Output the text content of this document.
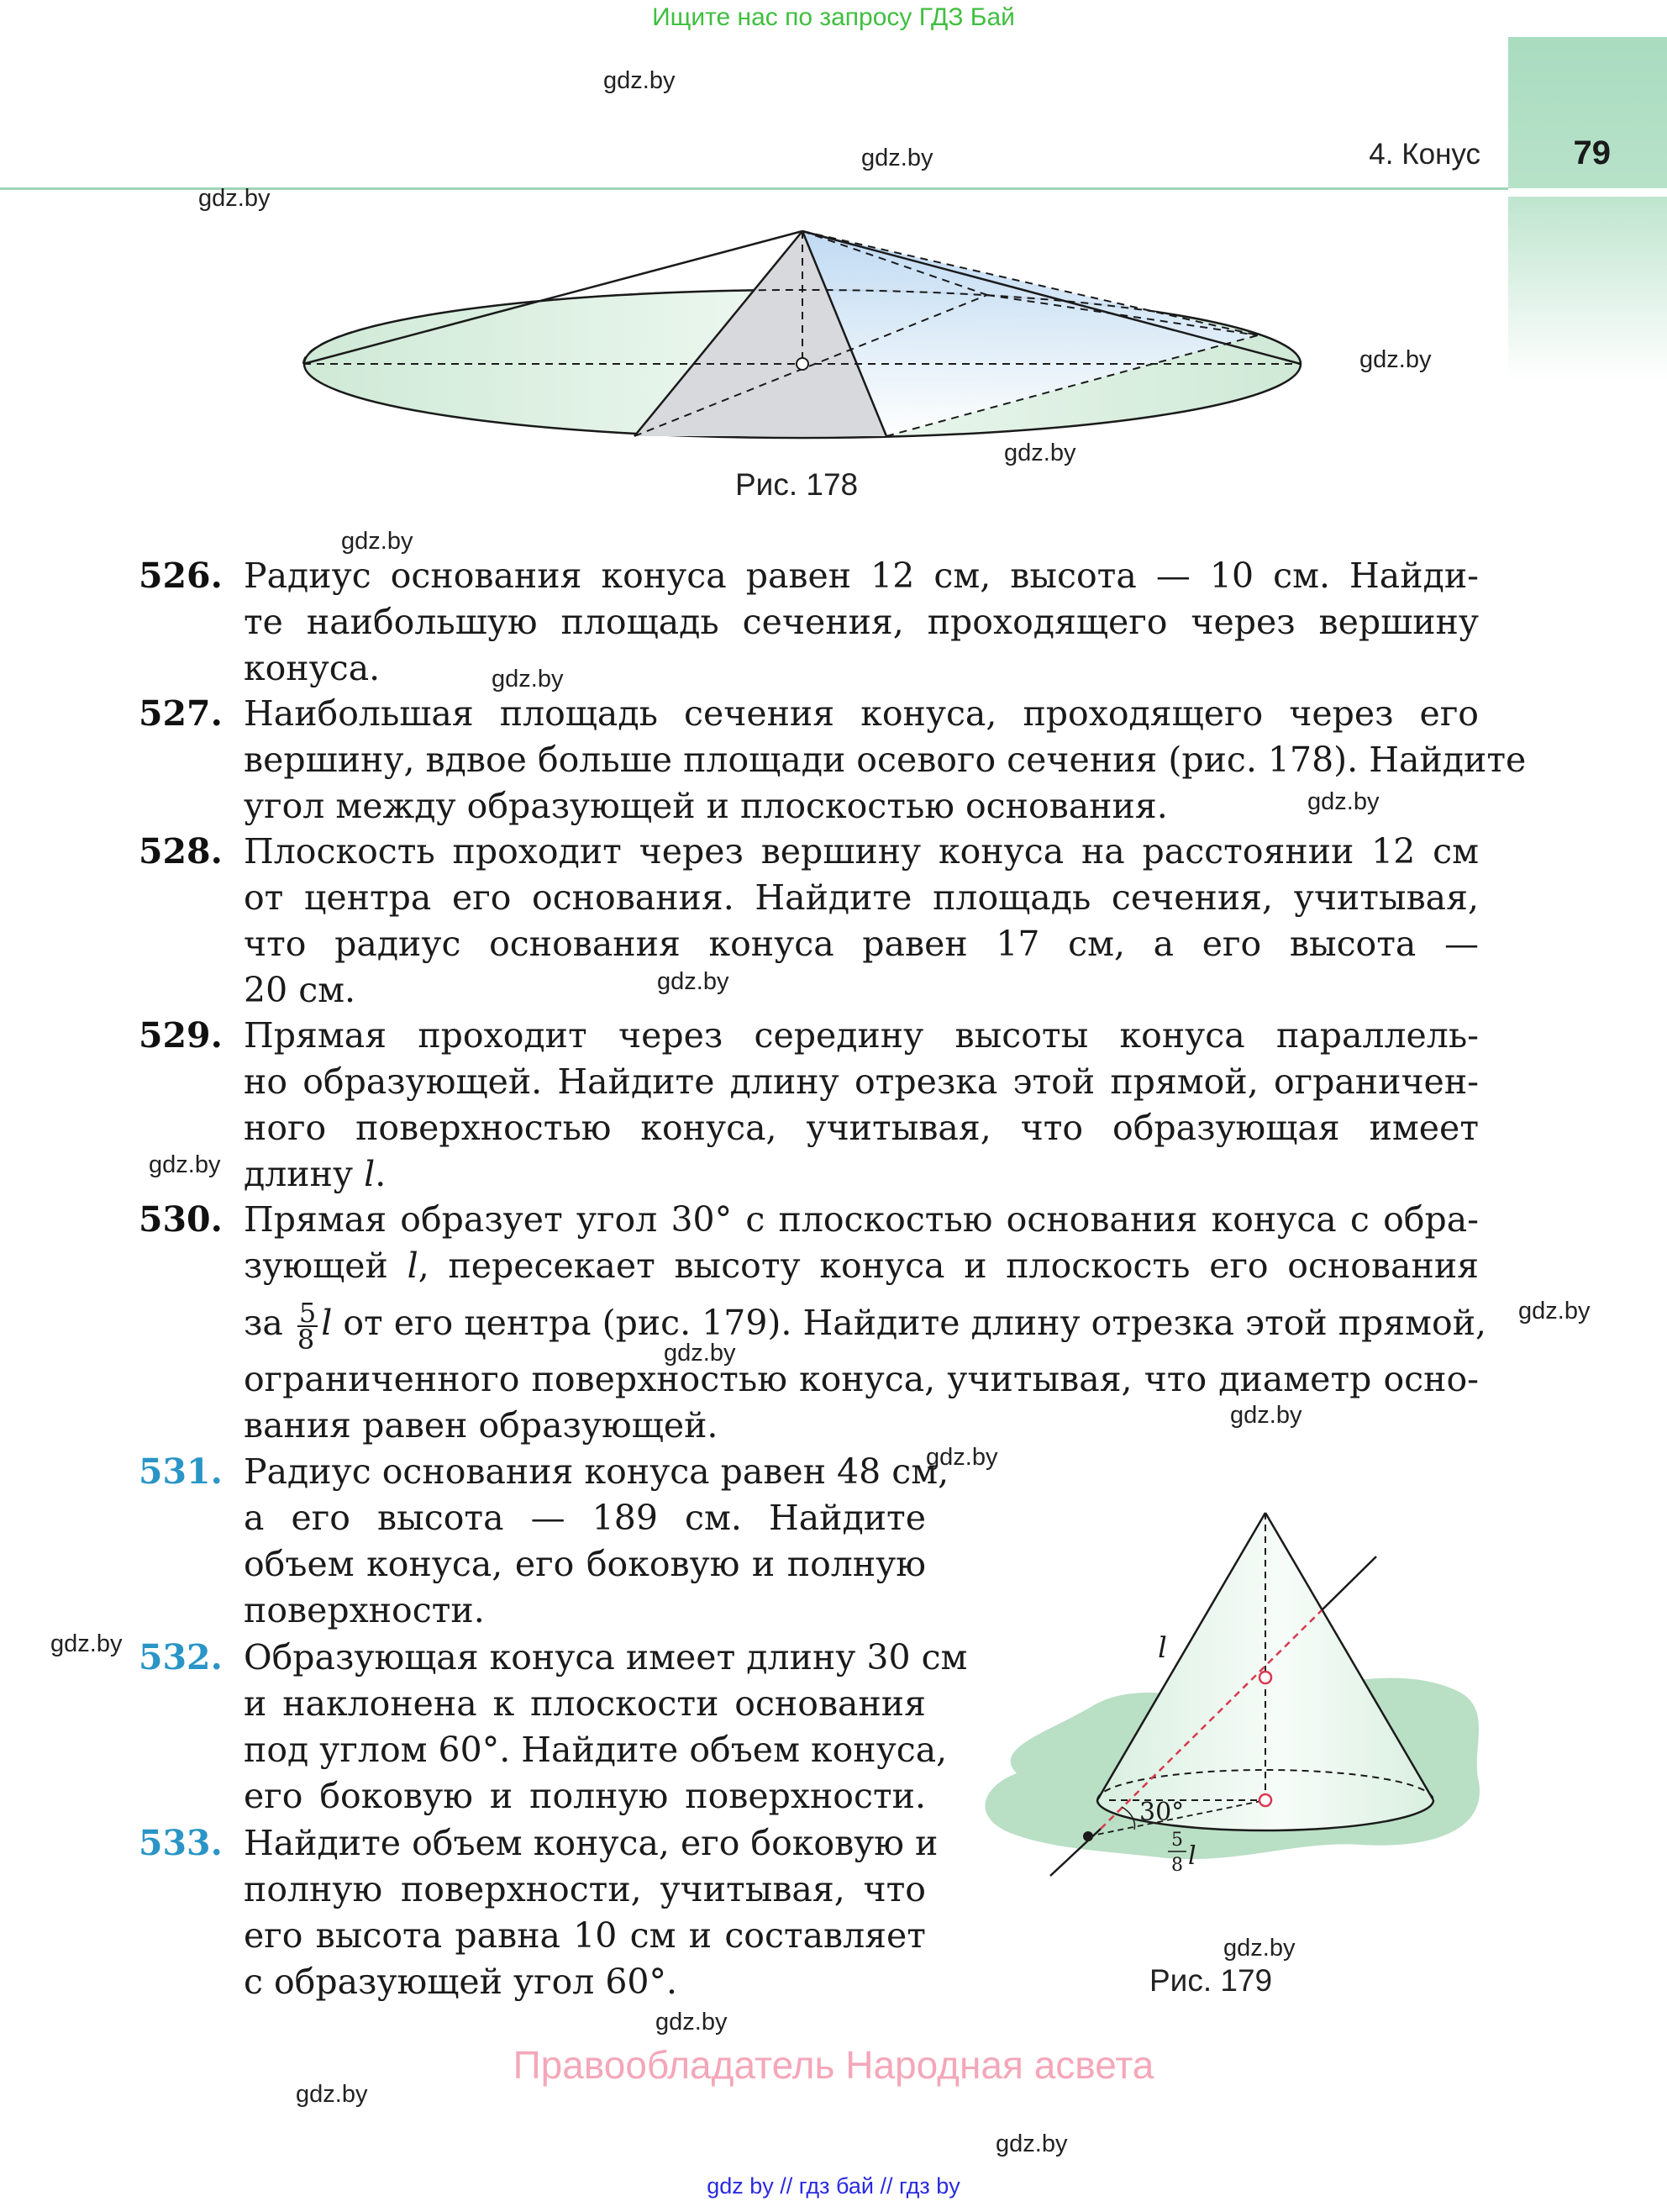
Ищите нас по запросу ГДЗ Бай
4. Конус	79
gdz.by
gdz.by
gdz.by
gdz.by
gdz.by
gdz.by
gdz.by
gdz.by
gdz.by
gdz.by
gdz.by
gdz.by
gdz.by
gdz.by
gdz.by
gdz.by
gdz.by
gdz.by
gdz.by
Рис. 178
526. Радиус основания конуса равен 12 см, высота — 10 см. Найди-
те наибольшую площадь сечения, проходящего через вершину
конуса.
527. Наибольшая площадь сечения конуса, проходящего через его
вершину, вдвое больше площади осевого сечения (рис. 178). Найдите
угол между образующей и плоскостью основания.
528. Плоскость проходит через вершину конуса на расстоянии 12 см
от центра его основания. Найдите площадь сечения, учитывая,
что радиус основания конуса равен 17 см, а его высота —
20 см.
529. Прямая проходит через середину высоты конуса параллель-
но образующей. Найдите длину отрезка этой прямой, ограничен-
ного поверхностью конуса, учитывая, что образующая имеет
длину l.
530. Прямая образует угол 30° с плоскостью основания конуса с обра-
зующей l, пересекает высоту конуса и плоскость его основания
за $\frac{5}{8}$ l от его центра (рис. 179). Найдите длину отрезка этой прямой,
ограниченного поверхностью конуса, учитывая, что диаметр осно-
вания равен образующей.
531. Радиус основания конуса равен 48 см,
а его высота — 189 см. Найдите
объем конуса, его боковую и полную
поверхности.
532. Образующая конуса имеет длину 30 см
и наклонена к плоскости основания
под углом 60°. Найдите объем конуса,
его боковую и полную поверхности.
533. Найдите объем конуса, его боковую и
полную поверхности, учитывая, что
его высота равна 10 см и составляет
с образующей угол 60°.
l
30°
5
8 l
Рис. 179
Правообладатель Народная асвета
gdz by // гдз бай // гдз by
